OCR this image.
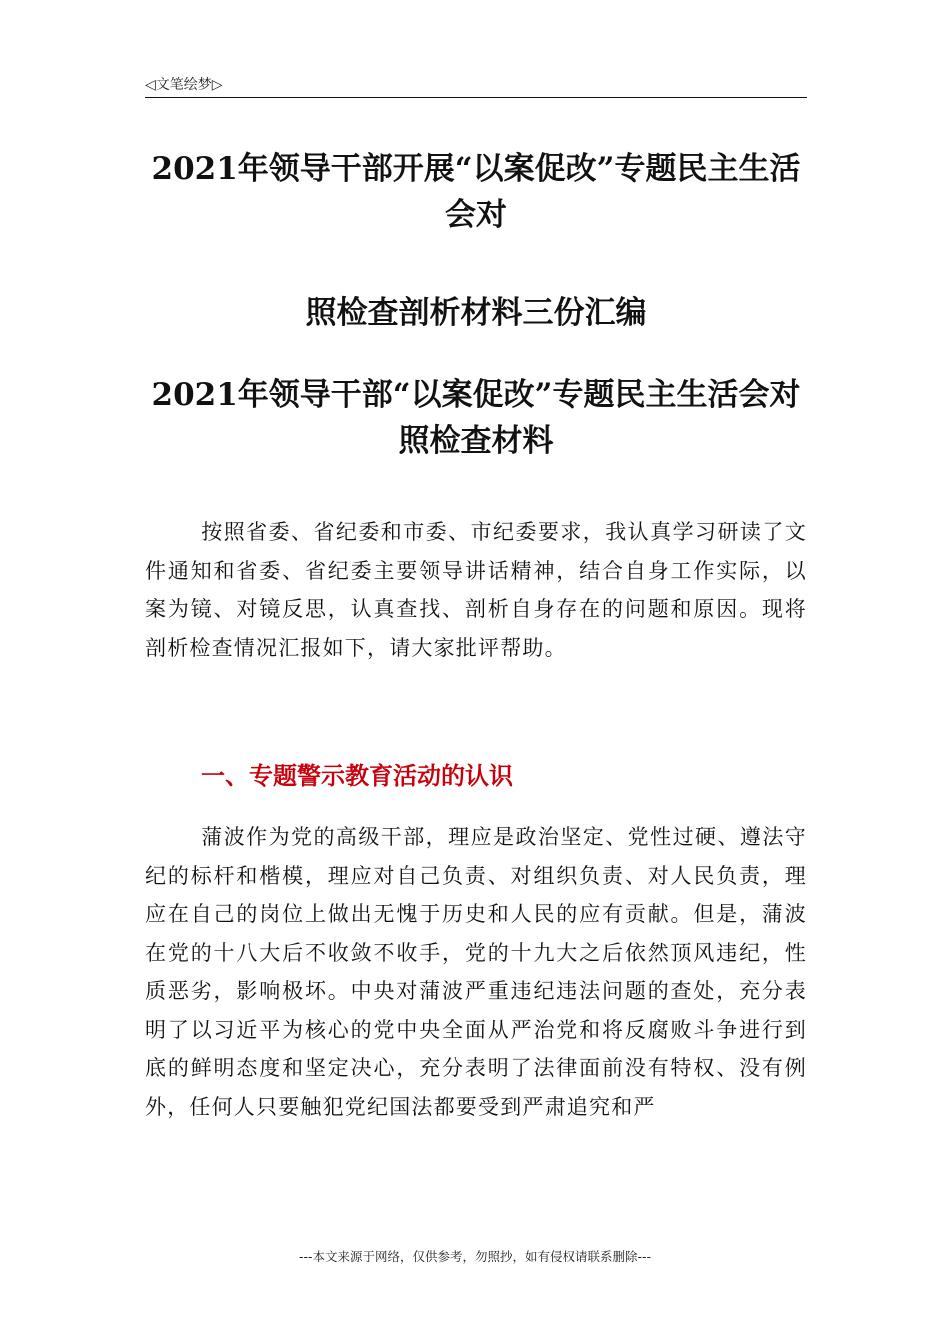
◁文笔绘梦▷
2021年领导干部开展“以案促改”专题民主生活会对
照检查剖析材料三份汇编
2021年领导干部“以案促改”专题民主生活会对照检查材料
按照省委、省纪委和市委、市纪委要求，我认真学习研读了文件通知和省委、省纪委主要领导讲话精神，结合自身工作实际，以案为镜、对镜反思，认真查找、剖析自身存在的问题和原因。现将剖析检查情况汇报如下，请大家批评帮助。
一、专题警示教育活动的认识
蒲波作为党的高级干部，理应是政治坚定、党性过硬、遵法守纪的标杆和楷模，理应对自己负责、对组织负责、对人民负责，理应在自己的岗位上做出无愧于历史和人民的应有贡献。但是，蒲波在党的十八大后不收敛不收手，党的十九大之后依然顶风违纪，性质恶劣，影响极坏。中央对蒲波严重违纪违法问题的查处，充分表明了以习近平为核心的党中央全面从严治党和将反腐败斗争进行到底的鲜明态度和坚定决心，充分表明了法律面前没有特权、没有例外，任何人只要触犯党纪国法都要受到严肃追究和严
---本文来源于网络，仅供参考，勿照抄，如有侵权请联系删除---
